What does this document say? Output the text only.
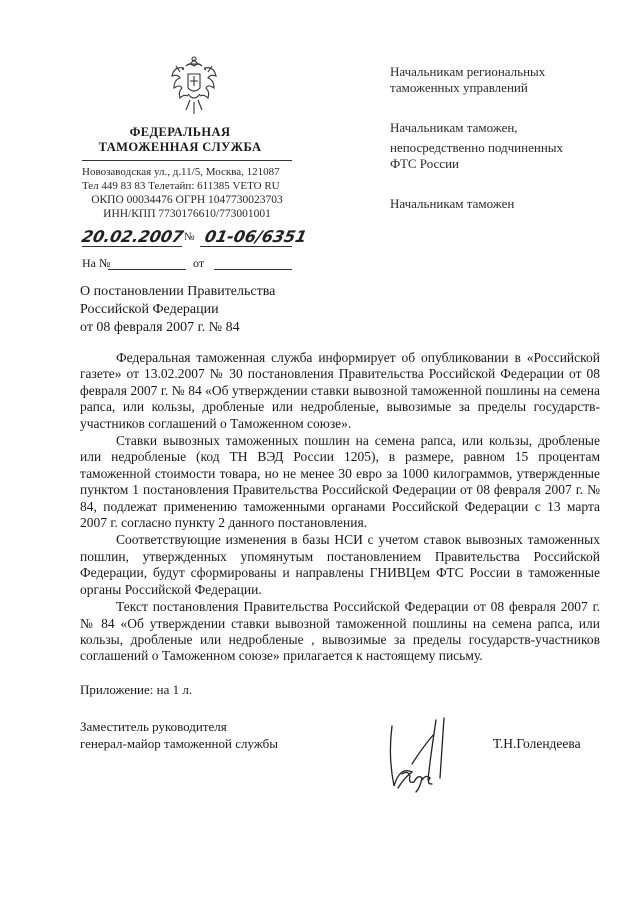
ФЕДЕРАЛЬНАЯ
ТАМОЖЕННАЯ СЛУЖБА
Новозаводская ул., д.11/5, Москва, 121087
Тел 449 83 83 Телетайп: 611385 VETO RU
ОКПО 00034476 ОГРН 1047730023703
ИНН/КПП 7730176610/773001001
20.02.2007
№ 01-06/6351
На №	от
Начальникам региональных
таможенных управлений
Начальникам таможен,
непосредственно подчиненных
ФТС России
Начальникам таможен
О постановлении Правительства
Российской Федерации
от 08 февраля 2007 г. № 84

Федеральная таможенная служба информирует об опубликовании в «Российской газете» от 13.02.2007 № 30 постановления Правительства Российской Федерации от 08 февраля 2007 г. № 84 «Об утверждении ставки вывозной таможенной пошлины на семена рапса, или кользы, дробленые или недробленые, вывозимые за пределы государств-участников соглашений о Таможенном союзе».

Ставки вывозных таможенных пошлин на семена рапса, или кользы, дробленые или недробленые (код ТН ВЭД России 1205), в размере, равном 15 процентам таможенной стоимости товара, но не менее 30 евро за 1000 килограммов, утвержденные пунктом 1 постановления Правительства Российской Федерации от 08 февраля 2007 г. № 84, подлежат применению таможенными органами Российской Федерации с 13 марта 2007 г. согласно пункту 2 данного постановления.

Соответствующие изменения в базы НСИ с учетом ставок вывозных таможенных пошлин, утвержденных упомянутым постановлением Правительства Российской Федерации, будут сформированы и направлены ГНИВЦем ФТС России в таможенные органы Российской Федерации.

Текст постановления Правительства Российской Федерации от 08 февраля 2007 г. № 84 «Об утверждении ставки вывозной таможенной пошлины на семена рапса, или кользы, дробленые или недробленые , вывозимые за пределы государств-участников соглашений о Таможенном союзе» прилагается к настоящему письму.

Приложение: на 1 л.
Заместитель руководителя
генерал-майор таможенной службы	Т.Н.Голендеева
